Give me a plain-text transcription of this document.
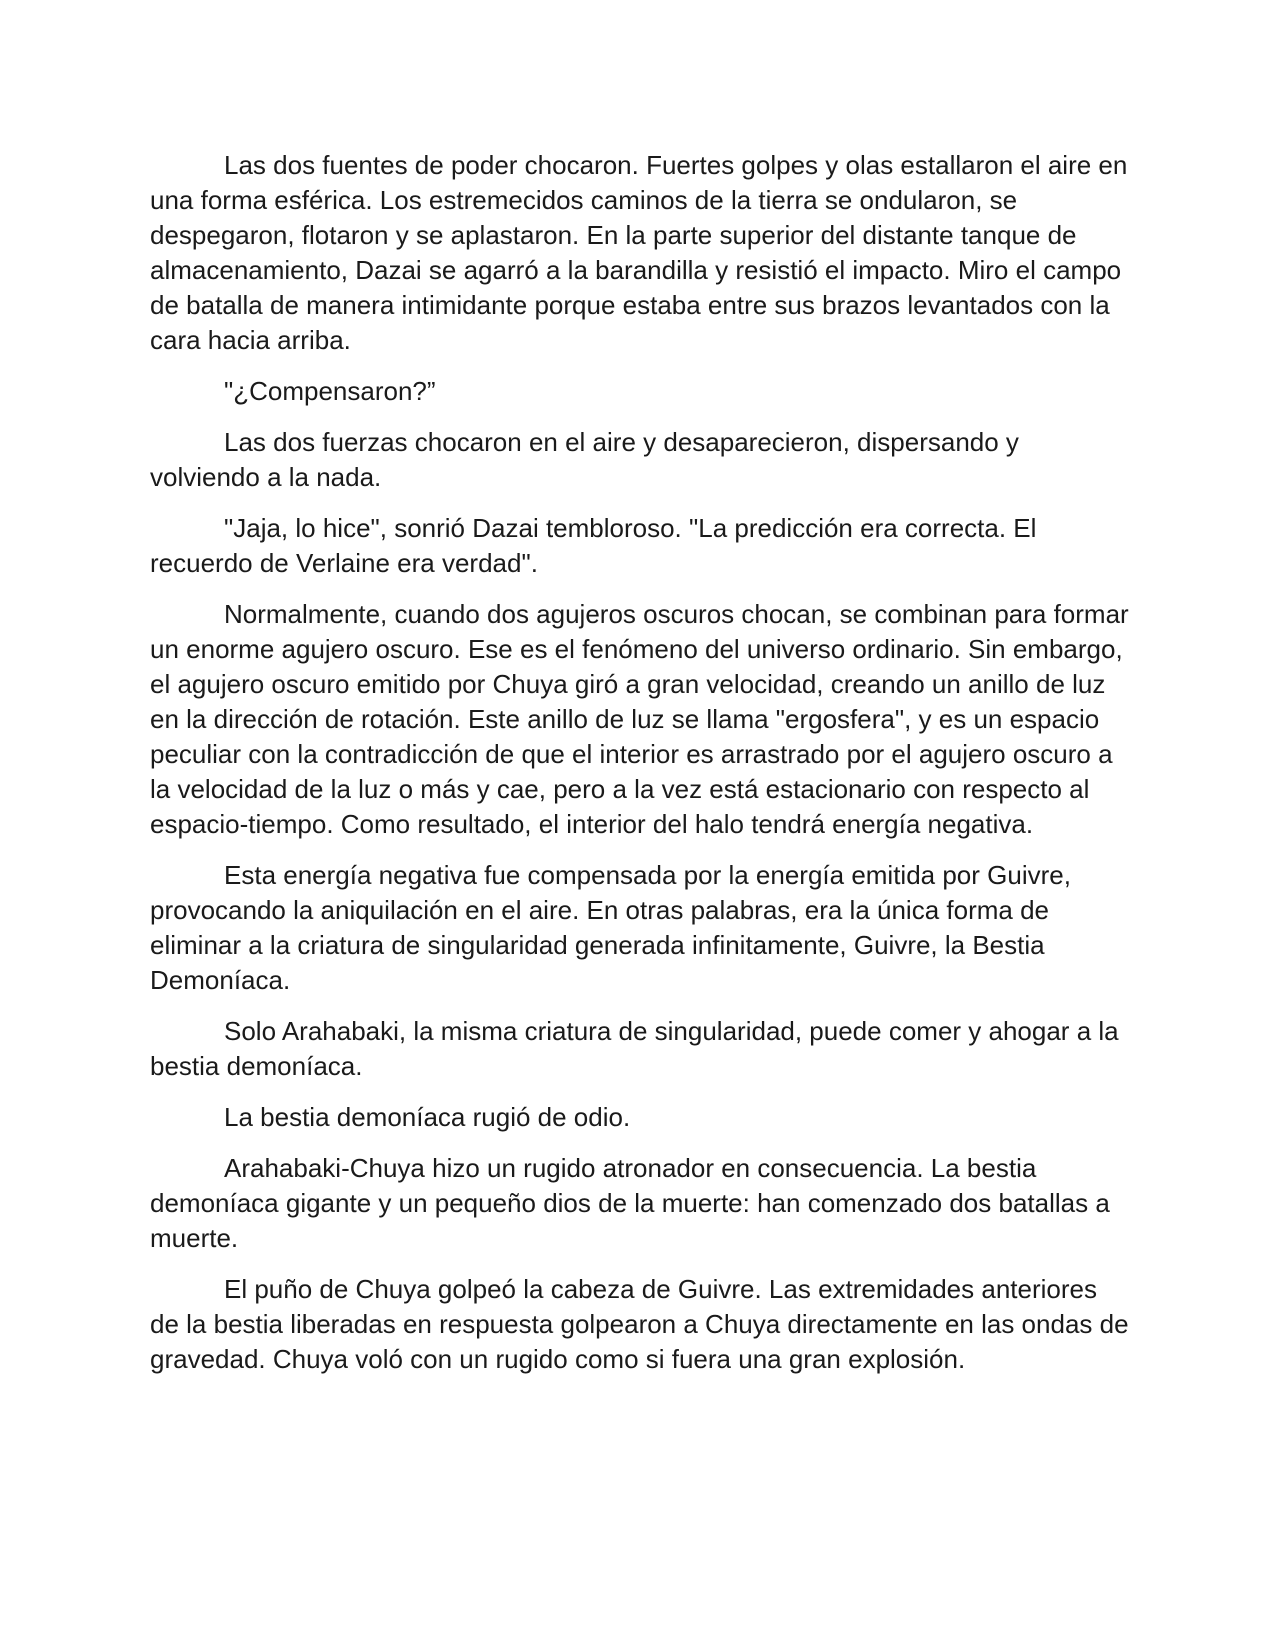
Las dos fuentes de poder chocaron. Fuertes golpes y olas estallaron el aire en una forma esférica. Los estremecidos caminos de la tierra se ondularon, se despegaron, flotaron y se aplastaron. En la parte superior del distante tanque de almacenamiento, Dazai se agarró a la barandilla y resistió el impacto. Miro el campo de batalla de manera intimidante porque estaba entre sus brazos levantados con la cara hacia arriba.

"¿Compensaron?”

Las dos fuerzas chocaron en el aire y desaparecieron, dispersando y volviendo a la nada.

"Jaja, lo hice", sonrió Dazai tembloroso. "La predicción era correcta. El recuerdo de Verlaine era verdad".

Normalmente, cuando dos agujeros oscuros chocan, se combinan para formar un enorme agujero oscuro. Ese es el fenómeno del universo ordinario. Sin embargo, el agujero oscuro emitido por Chuya giró a gran velocidad, creando un anillo de luz en la dirección de rotación. Este anillo de luz se llama "ergosfera", y es un espacio peculiar con la contradicción de que el interior es arrastrado por el agujero oscuro a la velocidad de la luz o más y cae, pero a la vez está estacionario con respecto al espacio-tiempo. Como resultado, el interior del halo tendrá energía negativa.

Esta energía negativa fue compensada por la energía emitida por Guivre, provocando la aniquilación en el aire. En otras palabras, era la única forma de eliminar a la criatura de singularidad generada infinitamente, Guivre, la Bestia Demoníaca.

Solo Arahabaki, la misma criatura de singularidad, puede comer y ahogar a la bestia demoníaca.

La bestia demoníaca rugió de odio.

Arahabaki-Chuya hizo un rugido atronador en consecuencia. La bestia demoníaca gigante y un pequeño dios de la muerte: han comenzado dos batallas a muerte.

El puño de Chuya golpeó la cabeza de Guivre. Las extremidades anteriores de la bestia liberadas en respuesta golpearon a Chuya directamente en las ondas de gravedad. Chuya voló con un rugido como si fuera una gran explosión.
